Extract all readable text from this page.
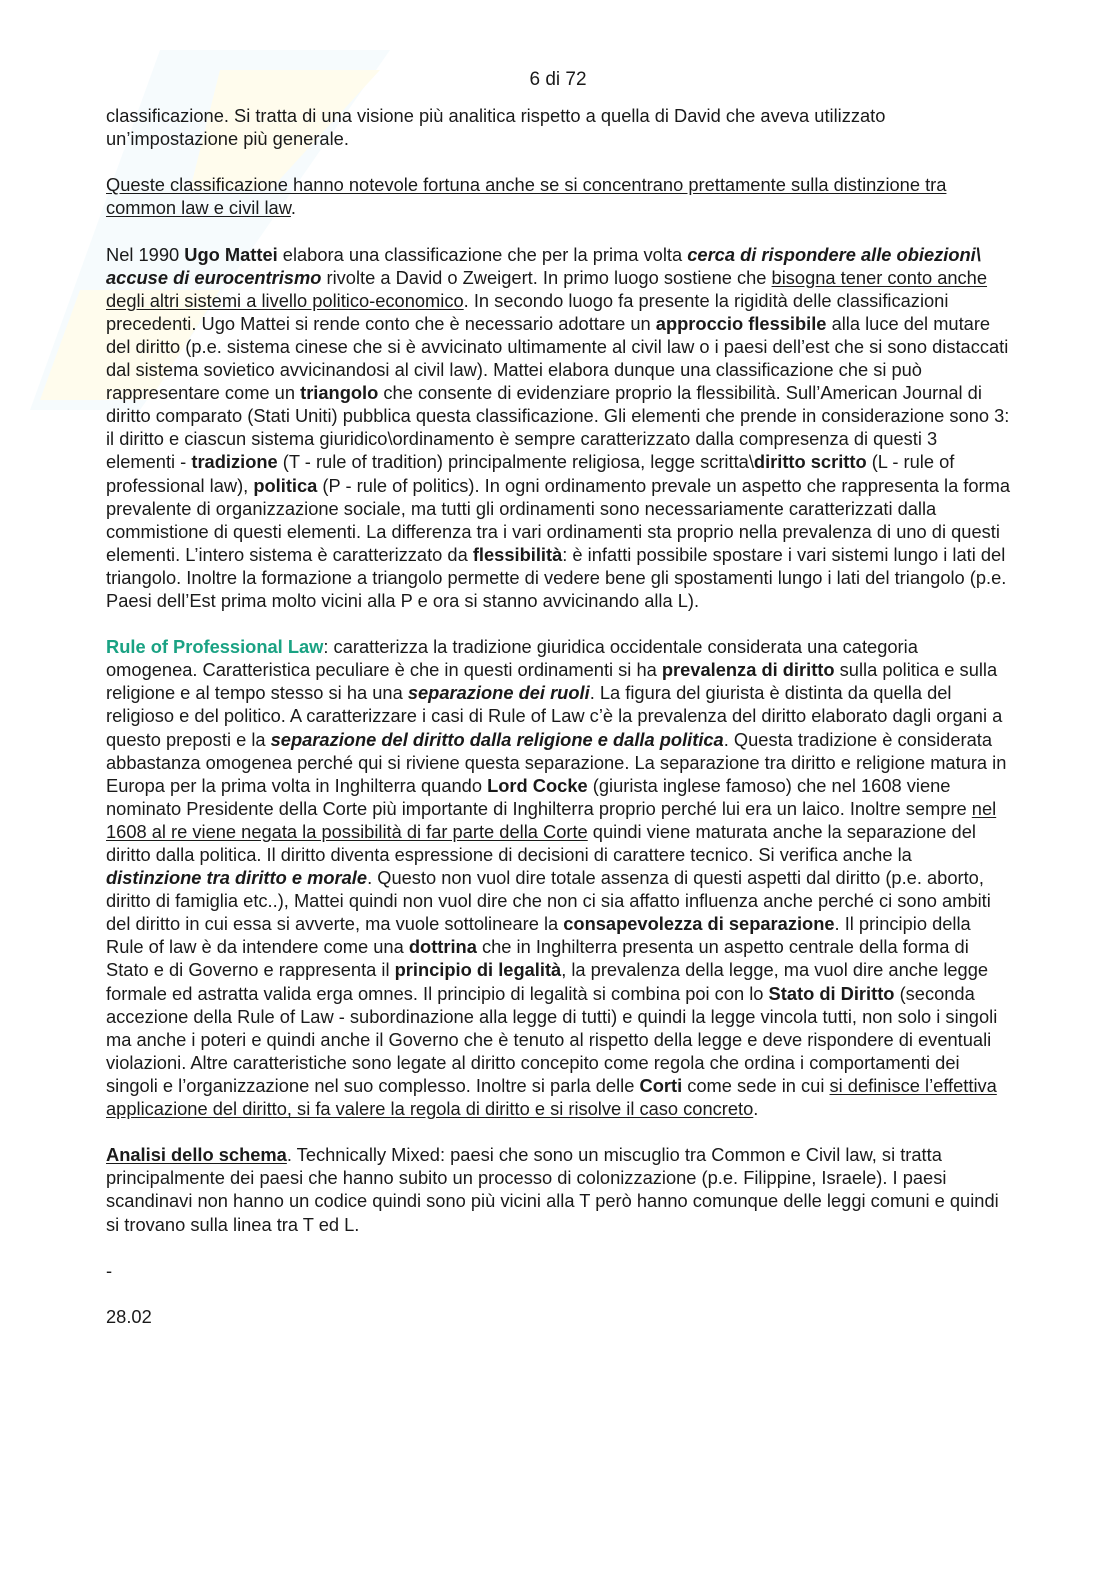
6 di 72

classificazione. Si tratta di una visione più analitica rispetto a quella di David che aveva utilizzato un’impostazione più generale.

Queste classificazione hanno notevole fortuna anche se si concentrano prettamente sulla distinzione tra common law e civil law.

Nel 1990 Ugo Mattei elabora una classificazione che per la prima volta cerca di rispondere alle obiezioni\ accuse di eurocentrismo rivolte a David o Zweigert. In primo luogo sostiene che bisogna tener conto anche degli altri sistemi a livello politico-economico. In secondo luogo fa presente la rigidità delle classificazioni precedenti. Ugo Mattei si rende conto che è necessario adottare un approccio flessibile alla luce del mutare del diritto (p.e. sistema cinese che si è avvicinato ultimamente al civil law o i paesi dell’est che si sono distaccati dal sistema sovietico avvicinandosi al civil law). Mattei elabora dunque una classificazione che si può rappresentare come un triangolo che consente di evidenziare proprio la flessibilità. Sull’American Journal di diritto comparato (Stati Uniti) pubblica questa classificazione. Gli elementi che prende in considerazione sono 3: il diritto e ciascun sistema giuridico\ordinamento è sempre caratterizzato dalla compresenza di questi 3 elementi - tradizione (T - rule of tradition) principalmente religiosa, legge scritta\diritto scritto (L - rule of professional law), politica (P - rule of politics). In ogni ordinamento prevale un aspetto che rappresenta la forma prevalente di organizzazione sociale, ma tutti gli ordinamenti sono necessariamente caratterizzati dalla commistione di questi elementi. La differenza tra i vari ordinamenti sta proprio nella prevalenza di uno di questi elementi. L’intero sistema è caratterizzato da flessibilità: è infatti possibile spostare i vari sistemi lungo i lati del triangolo. Inoltre la formazione a triangolo permette di vedere bene gli spostamenti lungo i lati del triangolo (p.e. Paesi dell’Est prima molto vicini alla P e ora si stanno avvicinando alla L).

Rule of Professional Law: caratterizza la tradizione giuridica occidentale considerata una categoria omogenea. Caratteristica peculiare è che in questi ordinamenti si ha prevalenza di diritto sulla politica e sulla religione e al tempo stesso si ha una separazione dei ruoli. La figura del giurista è distinta da quella del religioso e del politico. A caratterizzare i casi di Rule of Law c’è la prevalenza del diritto elaborato dagli organi a questo preposti e la separazione del diritto dalla religione e dalla politica. Questa tradizione è considerata abbastanza omogenea perché qui si riviene questa separazione. La separazione tra diritto e religione matura in Europa per la prima volta in Inghilterra quando Lord Cocke (giurista inglese famoso) che nel 1608 viene nominato Presidente della Corte più importante di Inghilterra proprio perché lui era un laico. Inoltre sempre nel 1608 al re viene negata la possibilità di far parte della Corte quindi viene maturata anche la separazione del diritto dalla politica. Il diritto diventa espressione di decisioni di carattere tecnico. Si verifica anche la distinzione tra diritto e morale. Questo non vuol dire totale assenza di questi aspetti dal diritto (p.e. aborto, diritto di famiglia etc..), Mattei quindi non vuol dire che non ci sia affatto influenza anche perché ci sono ambiti del diritto in cui essa si avverte, ma vuole sottolineare la consapevolezza di separazione. Il principio della Rule of law è da intendere come una dottrina che in Inghilterra presenta un aspetto centrale della forma di Stato e di Governo e rappresenta il principio di legalità, la prevalenza della legge, ma vuol dire anche legge formale ed astratta valida erga omnes. Il principio di legalità si combina poi con lo Stato di Diritto (seconda accezione della Rule of Law - subordinazione alla legge di tutti) e quindi la legge vincola tutti, non solo i singoli ma anche i poteri e quindi anche il Governo che è tenuto al rispetto della legge e deve rispondere di eventuali violazioni. Altre caratteristiche sono legate al diritto concepito come regola che ordina i comportamenti dei singoli e l’organizzazione nel suo complesso. Inoltre si parla delle Corti come sede in cui si definisce l’effettiva applicazione del diritto, si fa valere la regola di diritto e si risolve il caso concreto.

Analisi dello schema. Technically Mixed: paesi che sono un miscuglio tra Common e Civil law, si tratta principalmente dei paesi che hanno subito un processo di colonizzazione (p.e. Filippine, Israele). I paesi scandinavi non hanno un codice quindi sono più vicini alla T però hanno comunque delle leggi comuni e quindi si trovano sulla linea tra T ed L.

-

28.02
